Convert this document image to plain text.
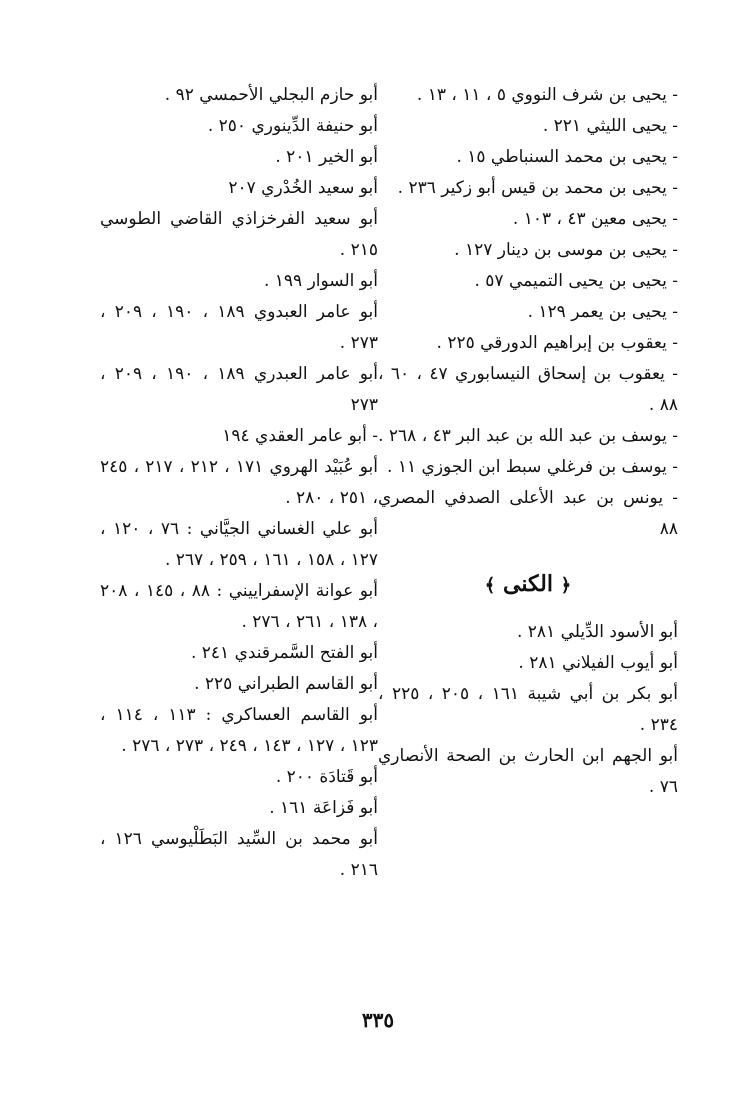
- يحيى بن شرف النووي ٥ ، ١١ ، ١٣ .
- يحيى الليثي ٢٢١ .
- يحيى بن محمد السنباطي ١٥ .
- يحيى بن محمد بن قيس أبو زكير ٢٣٦ .
- يحيى معين ٤٣ ، ١٠٣ .
- يحيى بن موسى بن دينار ١٢٧ .
- يحيى بن يحيى التميمي ٥٧ .
- يحيى بن يعمر ١٢٩ .
- يعقوب بن إبراهيم الدورقي ٢٢٥ .
- يعقوب بن إسحاق النيسابوري ٤٧ ، ٦٠ ، ٨٨ .
- يوسف بن عبد الله بن عبد البر ٤٣ ، ٢٦٨ .
- يوسف بن فرغلي سبط ابن الجوزي ١١ .
- يونس بن عبد الأعلى الصدفي المصري ٨٨
﴿ الكنى ﴾
أبو الأسود الدِّيلي ٢٨١ .
أبو أيوب الفيلاني ٢٨١ .
أبو بكر بن أبي شيبة ١٦١ ، ٢٠٥ ، ٢٢٥ ، ٢٣٤ .
أبو الجهم ابن الحارث بن الصحة الأنصاري ٧٦ .
أبو حازم البجلي الأحمسي ٩٢ .
أبو حنيفة الدِّينوري ٢٥٠ .
أبو الخير ٢٠١ .
أبو سعيد الخُدْري ٢٠٧
أبو سعيد الفرخزاذي القاضي الطوسي ٢١٥ .
أبو السوار ١٩٩ .
أبو عامر العبدوي ١٨٩ ، ١٩٠ ، ٢٠٩ ، ٢٧٣ .
أبو عامر العبدري ١٨٩ ، ١٩٠ ، ٢٠٩ ، ٢٧٣
- أبو عامر العقدي ١٩٤
أبو عُبَيْد الهروي ١٧١ ، ٢١٢ ، ٢١٧ ، ٢٤٥ ، ٢٥١ ، ٢٨٠ .
أبو علي الغساني الجيَّاني : ٧٦ ، ١٢٠ ، ١٢٧ ، ١٥٨ ، ١٦١ ، ٢٥٩ ، ٢٦٧ .
أبو عوانة الإسفراييني : ٨٨ ، ١٤٥ ، ٢٠٨ ، ١٣٨ ، ٢٦١ ، ٢٧٦ .
أبو الفتح السَّمرقندي ٢٤١ .
أبو القاسم الطبراني ٢٢٥ .
أبو القاسم العساكري : ١١٣ ، ١١٤ ، ١٢٣ ، ١٢٧ ، ١٤٣ ، ٢٤٩ ، ٢٧٣ ، ٢٧٦ .
أبو قَتادَة ٢٠٠ .
أبو فَزاعَة ١٦١ .
أبو محمد بن السِّيد البَطَلْيوسي ١٢٦ ، ٢١٦ .
٣٣٥
